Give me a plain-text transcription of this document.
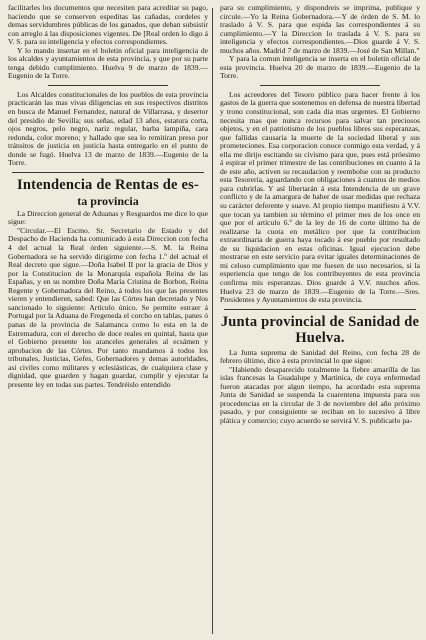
facilitarles los documentos que necesiten para acreditar su pago, haciendo que se conserven espeditas las cañadas, cordeles y demas servidumbres públicas de los ganados, que deban subsistir con arreglo á las disposiciones vigentes. De [Real orden lo digo á V. S. para su inteligencia y efectos correspondientes.

Y lo mando insertar en el boletin oficial para inteligencia de los alcaldes y ayuntamientos de esta provincia, y que por su parte tenga debido cumplimiento. Huelva 9 de marzo de 1839.—Eugenio de la Torre.

Los Alcaldes constitucionales de los pueblos de esta provincia practicarán las mas vivas diligencias en sus respectivos distritos en busca de Manuel Fernandez, natural de Villarrasa, y desertor del presidio de Sevilla; sus señas, edad 13 años, estatura corta, ojos negros, pelo negro, nariz regular, barba lampiña, cara redonda, color moreno; y hallado que sea lo remitiran preso por tránsitos de justicia en justicia hasta entregarlo en el punto de donde se fugó. Huelva 13 de marzo de 1839.—Eugenio de la Torre.

Intendencia de Rentas de es-
ta provincia

La Direccion general de Aduanas y Resguardos me dice lo que sigue:

"Circular.—El Escmo. Sr. Secretario de Estado y del Despacho de Hacienda ha comunicado á esta Direccion con fecha 4 del actual la Real órden siguiente.—S. M. la Reina Gobernadora se ha servido dirigirme con fecha 1.º del actual el Real decreto que sigue.—Doña Isabel II por la gracia de Dios y por la Constitucion de la Monarquía española Reina de las Españas, y en su nombre Doña María Cristina de Borbon, Reina Regente y Gobernadora del Reino, á todos los que las presentes vieren y entendieren, sabed: Que las Córtes han decretado y Nos sancionado lo siguiente: Artículo único. Se permite estraer á Portugal por la Aduana de Fregeneda el corcho en tablas, panes ó panas de la provincia de Salamanca como lo esta en la de Estremadura, con el derecho de doce reales en quintal, hasta que el Gobierno presente los aranceles generales al ecsámen y aprobacion de las Córtes. Por tanto mandamos á todos los tribunales, Justicias, Gefes, Gobernadores y demas autoridades, asi civiles como militares y eclesiásticas, de cualquiera clase y dignidad, que guarden y hagan guardar, cumplir y ejecutar la presente ley en todas sus partes. Tendréislo entendido

para su cumplimiento, y dispondreis se imprima, publique y circule.—Yo la Reina Gobernadora.—Y de órden de S. M. lo traslado á V. S. para que espida las correspondientes á su cumplimiento.—Y la Direccion lo traslada á V. S. para su inteligencia y efectos correspondientes.—Dios guarde á V. S. muchos años. Madrid 7 de marzo de 1839.—José de San Millan."

Y para la comun inteligencia se inserta en el boletin oficial de esta provincia. Huelva 20 de marzo de 1839.—Eugenio de la Torre.

Los acreedores del Tesoro público para hacer frente á los gastos de la guerra que sostenemos en defensa de nuestra libertad y trono constitucional, son cada dia mas urgentes. El Gobierno necesita mas que nunca recursos para salvar tan preciosos objetos, y en el patriotismo de los pueblos libres sus esperanzas, que fallidas causaria la muerte de la sociedad liberal y sus prometeciones. Esa corporacion conoce conmigo esta verdad, y á ella me dirijo escitando su civismo para que, pues está próesimo á espirar el primer trimestre de las contribuciones en cuanto á la de este año, activen su recaudacion y reembolse con su producto esta Tesorería, aguardando con obligaciones á cuantos de medios para cubrirlas. Y así libertarán á esta Intendencia de un grave conflicto y de la amargura de haber de usar medidas que rechaza su carácter deferente y suave. Al propio tiempo manifiesto á V.V. que tocan ya tambien su término el primer mes de los once en que por el artículo 6.º de la ley de 16 de corte último ha de realizarse la cuota en metálico por que la contribucion extraordinaria de guerra haya tocado á ese pueblo por resultado de su liquidacion en estas oficinas. Igual ejecucion debe mostrarse en este servicio para evitar iguales determinaciones de mi celoso cumplimiento que me fuesen de uso necesarios, si la esperiencia que tengo de los contribuyentes de esta provincia confirma mis esperanzas. Dios guarde á V.V. muchos años. Huelva 23 de marzo de 1839.—Eugenio de la Torre.—Sres. Presidentes y Ayuntamientos de esta provincia.

Junta provincial de Sanidad de Huelva.

La Junta suprema de Sanidad del Reino, con fecha 28 de febrero último, dice á esta provincial lo que sigue:

"Habiendo desaparecido totalmente la fiebre amarilla de las islas francesas la Guadalupe y Martinica, de cuya enfermedad fueron atacadas por algun tiempo, ha acordado esta suprema Junta de Sanidad se suspenda la cuarentena impuesta para sus procedencias en la circular de 3 de noviembre del año próximo pasado, y por consiguiente se reciban en lo sucesivo á libre plática y comercio; cuyo acuerdo se servirá V. S. publicarlo pa-
